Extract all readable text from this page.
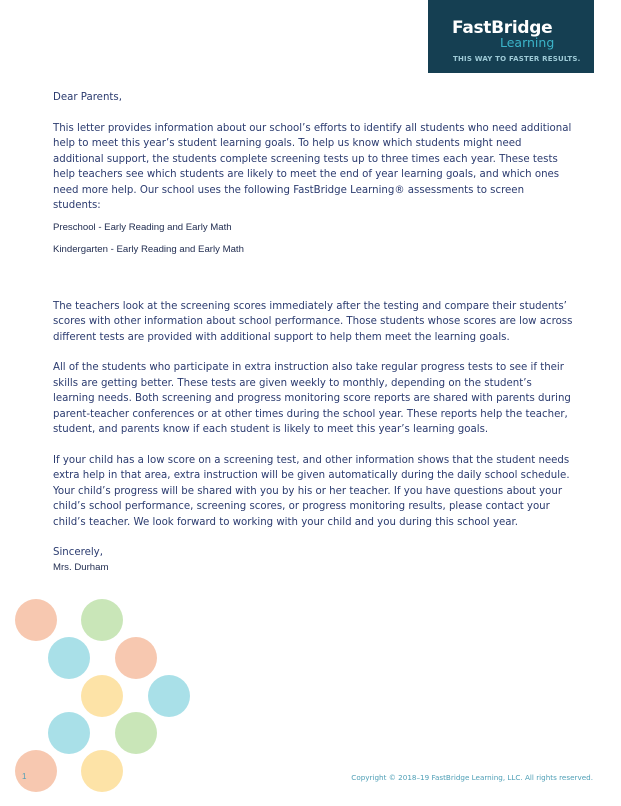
FastBridge
Learning
THIS WAY TO FASTER RESULTS.

Dear Parents,

This letter provides information about our school’s efforts to identify all students who need additional help to meet this year’s student learning goals. To help us know which students might need additional support, the students complete screening tests up to three times each year. These tests help teachers see which students are likely to meet the end of year learning goals, and which ones need more help. Our school uses the following FastBridge Learning® assessments to screen students:

Preschool - Early Reading and Early Math

Kindergarten - Early Reading and Early Math

The teachers look at the screening scores immediately after the testing and compare their students’ scores with other information about school performance. Those students whose scores are low across different tests are provided with additional support to help them meet the learning goals.

All of the students who participate in extra instruction also take regular progress tests to see if their skills are getting better. These tests are given weekly to monthly, depending on the student’s learning needs. Both screening and progress monitoring score reports are shared with parents during parent-teacher conferences or at other times during the school year. These reports help the teacher, student, and parents know if each student is likely to meet this year’s learning goals.

If your child has a low score on a screening test, and other information shows that the student needs extra help in that area, extra instruction will be given automatically during the daily school schedule. Your child’s progress will be shared with you by his or her teacher. If you have questions about your child’s school performance, screening scores, or progress monitoring results, please contact your child’s teacher. We look forward to working with your child and you during this school year.

Sincerely,

Mrs. Durham

1	Copyright © 2018–19 FastBridge Learning, LLC. All rights reserved.
